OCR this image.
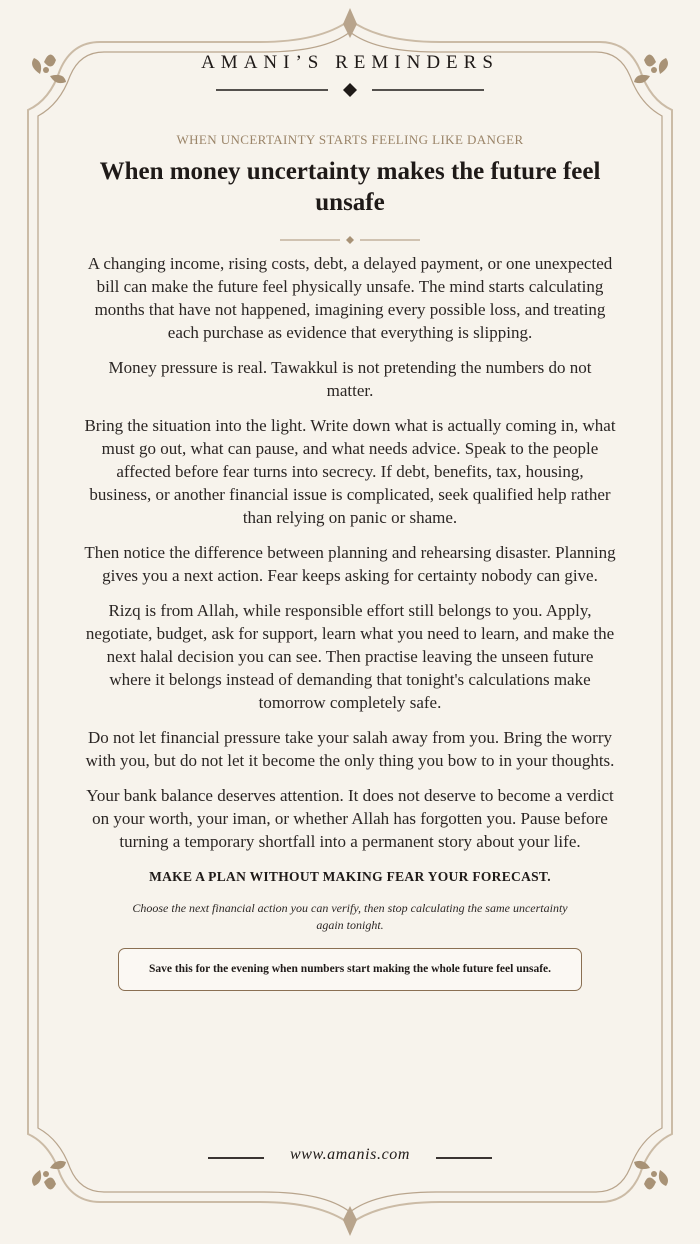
AMANI’S REMINDERS
WHEN UNCERTAINTY STARTS FEELING LIKE DANGER
When money uncertainty makes the future feel unsafe

A changing income, rising costs, debt, a delayed payment, or one unexpected bill can make the future feel physically unsafe. The mind starts calculating months that have not happened, imagining every possible loss, and treating each purchase as evidence that everything is slipping.

Money pressure is real. Tawakkul is not pretending the numbers do not matter.

Bring the situation into the light. Write down what is actually coming in, what must go out, what can pause, and what needs advice. Speak to the people affected before fear turns into secrecy. If debt, benefits, tax, housing, business, or another financial issue is complicated, seek qualified help rather than relying on panic or shame.

Then notice the difference between planning and rehearsing disaster. Planning gives you a next action. Fear keeps asking for certainty nobody can give.

Rizq is from Allah, while responsible effort still belongs to you. Apply, negotiate, budget, ask for support, learn what you need to learn, and make the next halal decision you can see. Then practise leaving the unseen future where it belongs instead of demanding that tonight's calculations make tomorrow completely safe.

Do not let financial pressure take your salah away from you. Bring the worry with you, but do not let it become the only thing you bow to in your thoughts.

Your bank balance deserves attention. It does not deserve to become a verdict on your worth, your iman, or whether Allah has forgotten you. Pause before turning a temporary shortfall into a permanent story about your life.

MAKE A PLAN WITHOUT MAKING FEAR YOUR FORECAST.
Choose the next financial action you can verify, then stop calculating the same uncertainty again tonight.
Save this for the evening when numbers start making the whole future feel unsafe.
www.amanis.com
